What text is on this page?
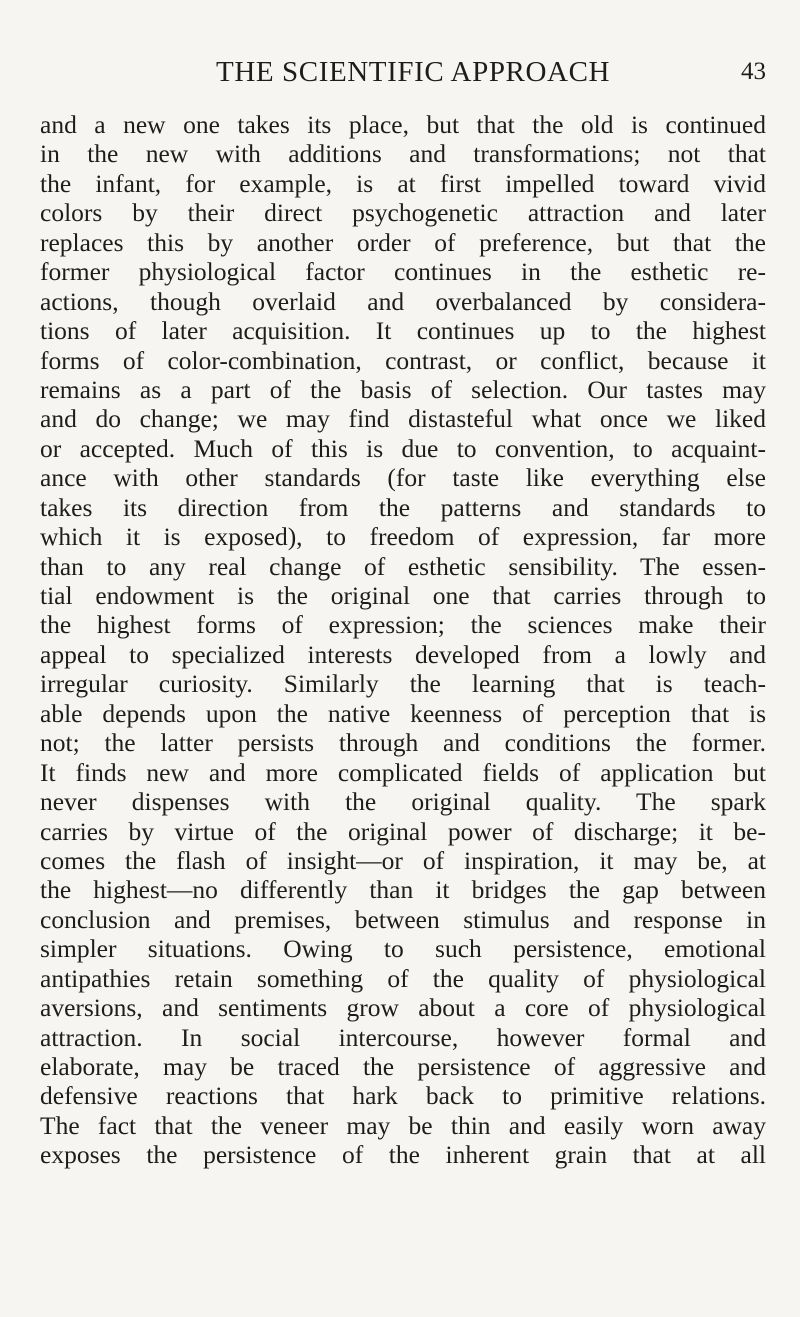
THE SCIENTIFIC APPROACH	43
and a new one takes its place, but that the old is continued
in the new with additions and transformations; not that
the infant, for example, is at first impelled toward vivid
colors by their direct psychogenetic attraction and later
replaces this by another order of preference, but that the
former physiological factor continues in the esthetic re-
actions, though overlaid and overbalanced by considera-
tions of later acquisition. It continues up to the highest
forms of color-combination, contrast, or conflict, because it
remains as a part of the basis of selection. Our tastes may
and do change; we may find distasteful what once we liked
or accepted. Much of this is due to convention, to acquaint-
ance with other standards (for taste like everything else
takes its direction from the patterns and standards to
which it is exposed), to freedom of expression, far more
than to any real change of esthetic sensibility. The essen-
tial endowment is the original one that carries through to
the highest forms of expression; the sciences make their
appeal to specialized interests developed from a lowly and
irregular curiosity. Similarly the learning that is teach-
able depends upon the native keenness of perception that is
not; the latter persists through and conditions the former.
It finds new and more complicated fields of application but
never dispenses with the original quality. The spark
carries by virtue of the original power of discharge; it be-
comes the flash of insight—or of inspiration, it may be, at
the highest—no differently than it bridges the gap between
conclusion and premises, between stimulus and response in
simpler situations. Owing to such persistence, emotional
antipathies retain something of the quality of physiological
aversions, and sentiments grow about a core of physiological
attraction. In social intercourse, however formal and
elaborate, may be traced the persistence of aggressive and
defensive reactions that hark back to primitive relations.
The fact that the veneer may be thin and easily worn away
exposes the persistence of the inherent grain that at all
